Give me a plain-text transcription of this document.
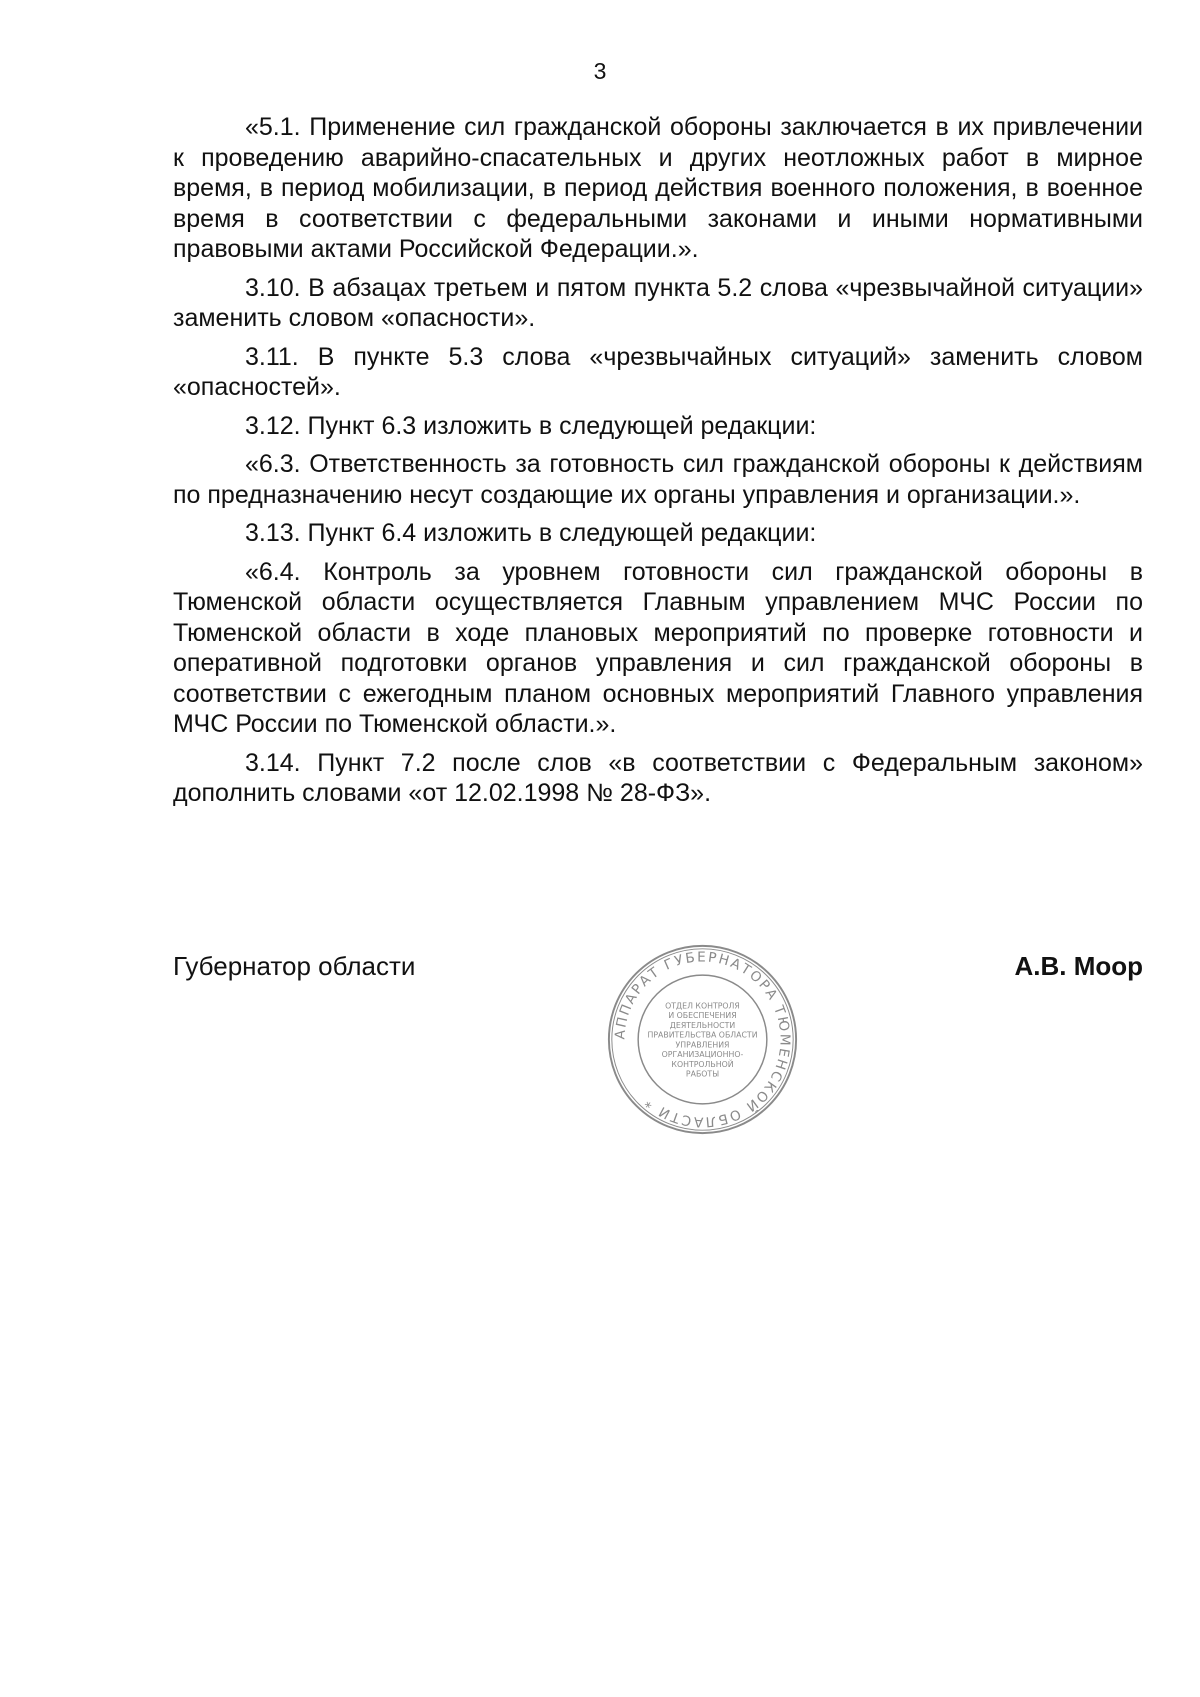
3

«5.1. Применение сил гражданской обороны заключается в их привлечении к проведению аварийно-спасательных и других неотложных работ в мирное время, в период мобилизации, в период действия военного положения, в военное время в соответствии с федеральными законами и иными нормативными правовыми актами Российской Федерации.».

3.10. В абзацах третьем и пятом пункта 5.2 слова «чрезвычайной ситуации» заменить словом «опасности».

3.11. В пункте 5.3 слова «чрезвычайных ситуаций» заменить словом «опасностей».

3.12. Пункт 6.3 изложить в следующей редакции:

«6.3. Ответственность за готовность сил гражданской обороны к действиям по предназначению несут создающие их органы управления и организации.».

3.13. Пункт 6.4 изложить в следующей редакции:

«6.4. Контроль за уровнем готовности сил гражданской обороны в Тюменской области осуществляется Главным управлением МЧС России по Тюменской области в ходе плановых мероприятий по проверке готовности и оперативной подготовки органов управления и сил гражданской обороны в соответствии с ежегодным планом основных мероприятий Главного управления МЧС России по Тюменской области.».

3.14. Пункт 7.2 после слов «в соответствии с Федеральным законом» дополнить словами «от 12.02.1998 № 28-ФЗ».

Губернатор области	А.В. Моор
АППАРАТ ГУБЕРНАТОРА ТЮМЕНСКОЙ ОБЛАСТИ *
ОТДЕЛ КОНТРОЛЯ
И ОБЕСПЕЧЕНИЯ
ДЕЯТЕЛЬНОСТИ
ПРАВИТЕЛЬСТВА ОБЛАСТИ
УПРАВЛЕНИЯ
ОРГАНИЗАЦИОННО-
КОНТРОЛЬНОЙ
РАБОТЫ
